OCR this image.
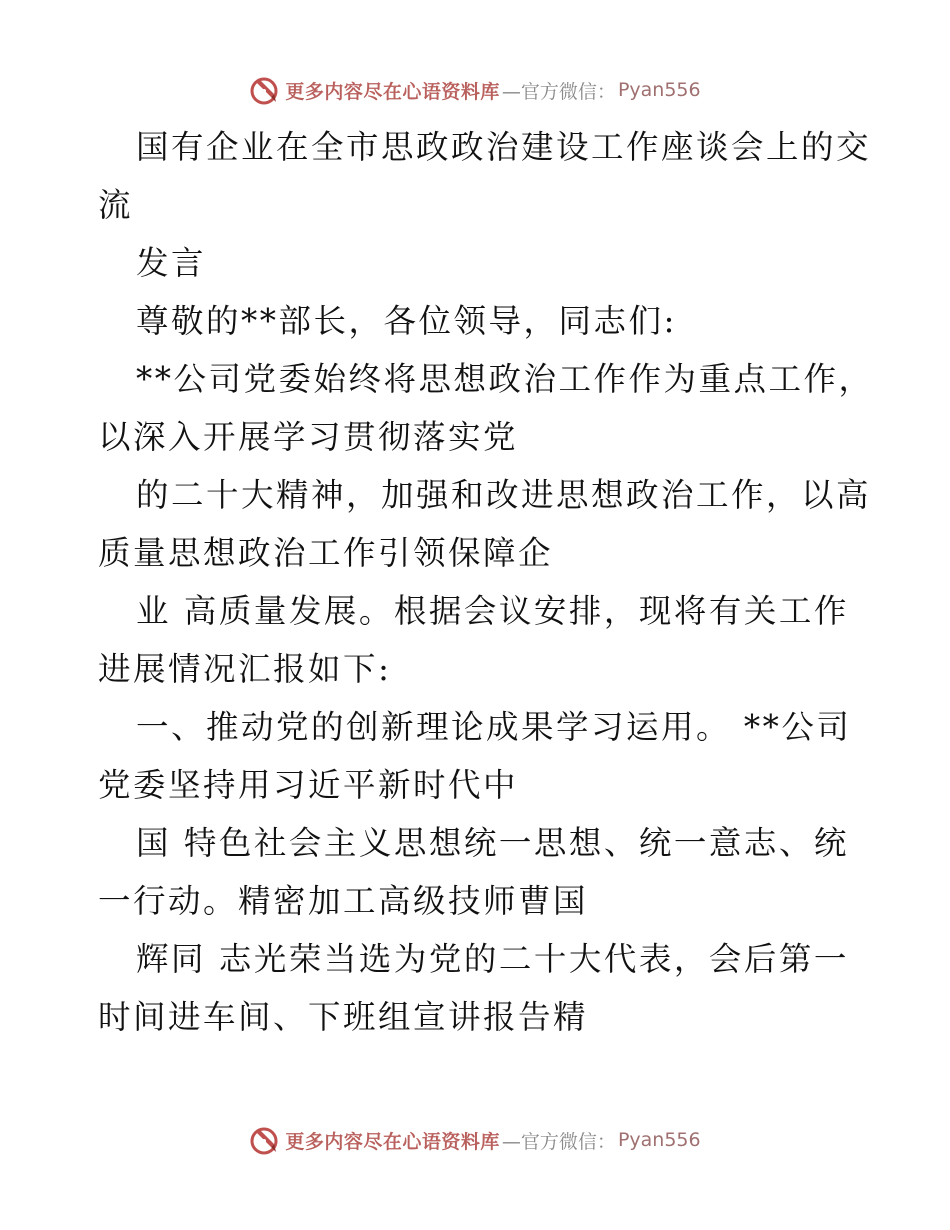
更多内容尽在心语资料库 —官方微信： Pyan556
国有企业在全市思政政治建设工作座谈会上的交
流
发言
尊敬的**部长，各位领导，同志们:
**公司党委始终将思想政治工作作为重点工作，
以深入开展学习贯彻落实党
的二十大精神，加强和改进思想政治工作，以高
质量思想政治工作引领保障企
业 高质量发展。根据会议安排，现将有关工作
进展情况汇报如下:
一、推动党的创新理论成果学习运用。 **公司
党委坚持用习近平新时代中
国 特色社会主义思想统一思想、统一意志、统
一行动。精密加工高级技师曹国
辉同 志光荣当选为党的二十大代表，会后第一
时间进车间、下班组宣讲报告精
更多内容尽在心语资料库 —官方微信： Pyan556
